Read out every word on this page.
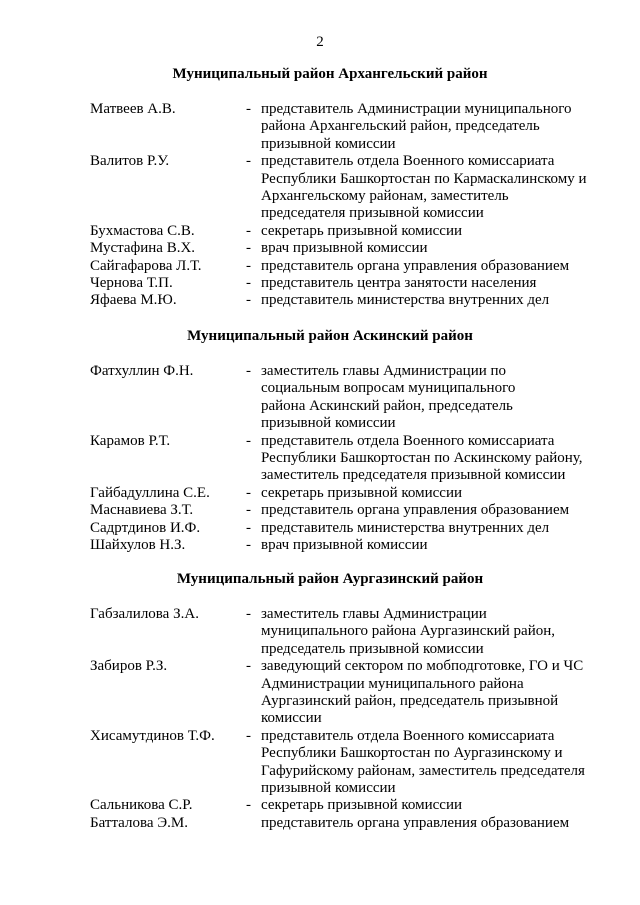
2
Муниципальный район Архангельский район
Матвеев А.В.	- представитель Администрации муниципального района Архангельский район, председатель призывной комиссии
Валитов Р.У.	- представитель отдела Военного комиссариата Республики Башкортостан по Кармаскалинскому и Архангельскому районам, заместитель председателя призывной комиссии
Бухмастова С.В.	- секретарь призывной комиссии
Мустафина В.Х.	- врач призывной комиссии
Сайгафарова Л.Т.	- представитель органа управления образованием
Чернова Т.П.	- представитель центра занятости населения
Яфаева М.Ю.	- представитель министерства внутренних дел
Муниципальный район Аскинский район
Фатхуллин Ф.Н.	- заместитель главы Администрации по социальным вопросам муниципального района Аскинский район, председатель призывной комиссии
Карамов Р.Т.	- представитель отдела Военного комиссариата Республики Башкортостан по Аскинскому району, заместитель председателя призывной комиссии
Гайбадуллина С.Е. - секретарь призывной комиссии
Маснавиева З.Т.	- представитель органа управления образованием
Садртдинов И.Ф.	- представитель министерства внутренних дел
Шайхулов Н.З.	- врач призывной комиссии
Муниципальный район Аургазинский район
Габзалилова З.А.	- заместитель главы Администрации муниципального района Аургазинский район, председатель призывной комиссии
Забиров Р.З.	- заведующий сектором по мобподготовке, ГО и ЧС Администрации муниципального района Аургазинский район, председатель призывной комиссии
Хисамутдинов Т.Ф. - представитель отдела Военного комиссариата Республики Башкортостан по Аургазинскому и Гафурийскому районам, заместитель председателя призывной комиссии
Сальникова С.Р.	- секретарь призывной комиссии
Батталова Э.М.	представитель органа управления образованием
